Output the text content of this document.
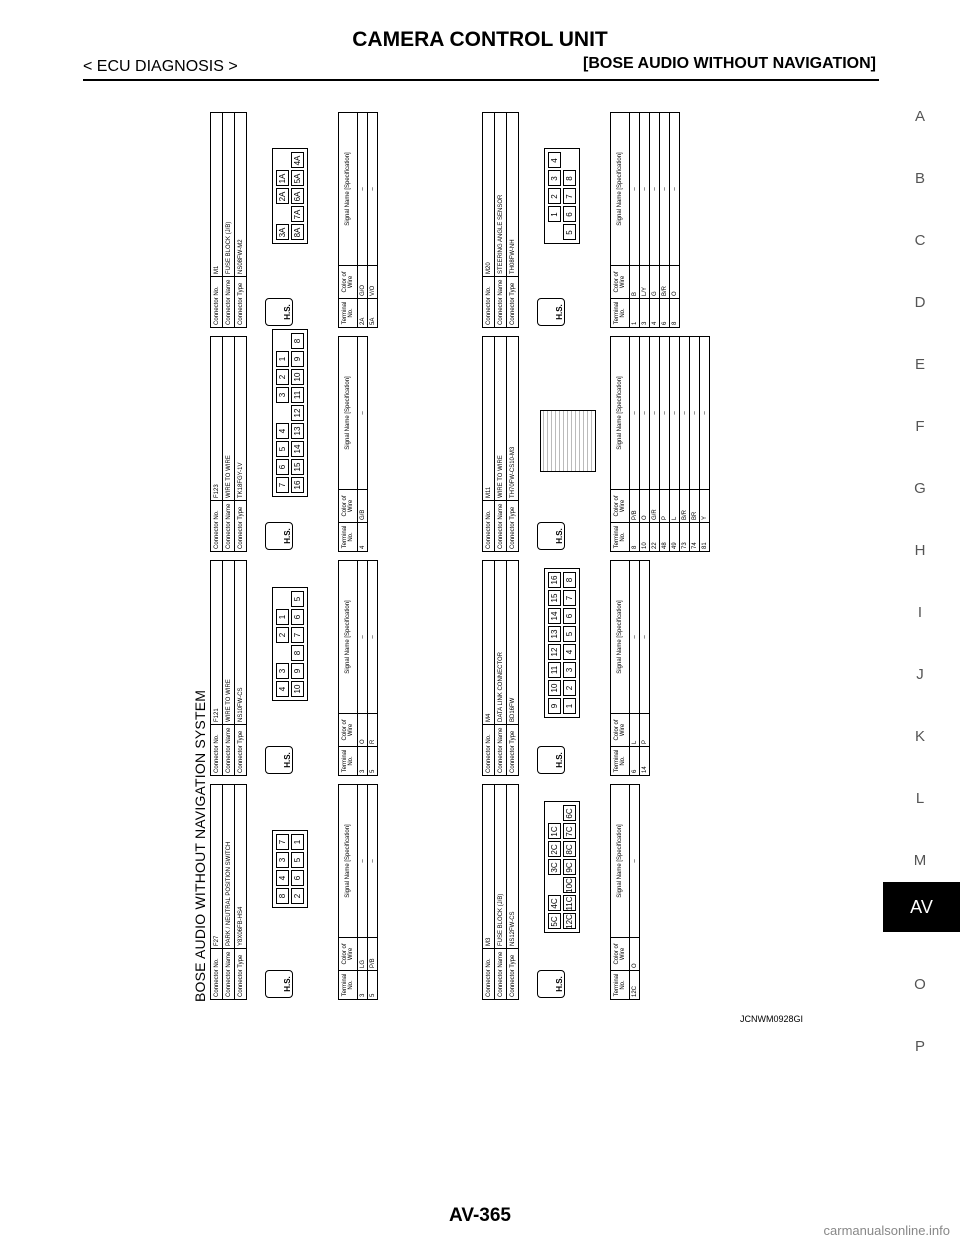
CAMERA CONTROL UNIT
< ECU DIAGNOSIS >	[BOSE AUDIO WITHOUT NAVIGATION]
A
B
C
D
E
F
G
H
I
J
K
L
M
AV
O
P
BOSE AUDIO WITHOUT NAVIGATION SYSTEM Connector No.	F27
Connector Name	PARK / NEUTRAL POSITION SWITCH
Connector Type	Y8X06FB-HS4
H.S.
8
4
3
7
2
6
5
1
Terminal No.	Color of Wire	Signal Name [Specification]
3	LG	–
5	P/B	–
Connector No.	F121
Connector Name	WIRE TO WIRE
Connector Type	NS10FW-CS
H.S.
4
3
2
1
10
9
8
7
6
5
Terminal No.	Color of Wire	Signal Name [Specification]
3	O	–
5	R	–
Connector No.	F123
Connector Name	WIRE TO WIRE
Connector Type	TK18FGY-1V
H.S.
7
6
5
4
3
2
1
16
15
14
13
12
11
10
9
8
Terminal No.	Color of Wire	Signal Name [Specification]
4	G/B	–
Connector No.	M1
Connector Name	FUSE BLOCK (J/B)
Connector Type	NS08FW-M2
H.S.
3A
2A
1A
8A
7A
6A
5A
4A
Terminal No.	Color of Wire	Signal Name [Specification]
2A	G/O	–
5A	V/O	–
Connector No.	M3
Connector Name	FUSE BLOCK (J/B)
Connector Type	NS12FW-CS
H.S.
5C
4C
3C
2C
1C
12C
11C
10C
9C
8C
7C
6C
Terminal No.	Color of Wire	Signal Name [Specification]
12C	O	–
Connector No.	M4
Connector Name	DATA LINK CONNECTOR
Connector Type	BD16FW
H.S.
9
10
11
12
13
14
15
16
1
2
3
4
5
6
7
8
Terminal No.	Color of Wire	Signal Name [Specification]
6	L	–
14	P	–
Connector No.	M11
Connector Name	WIRE TO WIRE
Connector Type	TH70FW-CS10-M3
H.S.	Terminal No.	Color of Wire	Signal Name [Specification]
8	P/B	–
10	O	–
22	G/R	–
48	P	–
49	L	–
73	B/R	–
74	BR	–
81	Y	–
Connector No.	M20
Connector Name	STEERING ANGLE SENSOR
Connector Type	TH08FW-NH
H.S.
1
2
3
4
5
6
7
8
Terminal No.	Color of Wire	Signal Name [Specification]
1	B	–
3	L/Y	–
4	G	–
6	B/R	–
8	O	–
JCNWM0928GI
AV-365
carmanualsonline.info
